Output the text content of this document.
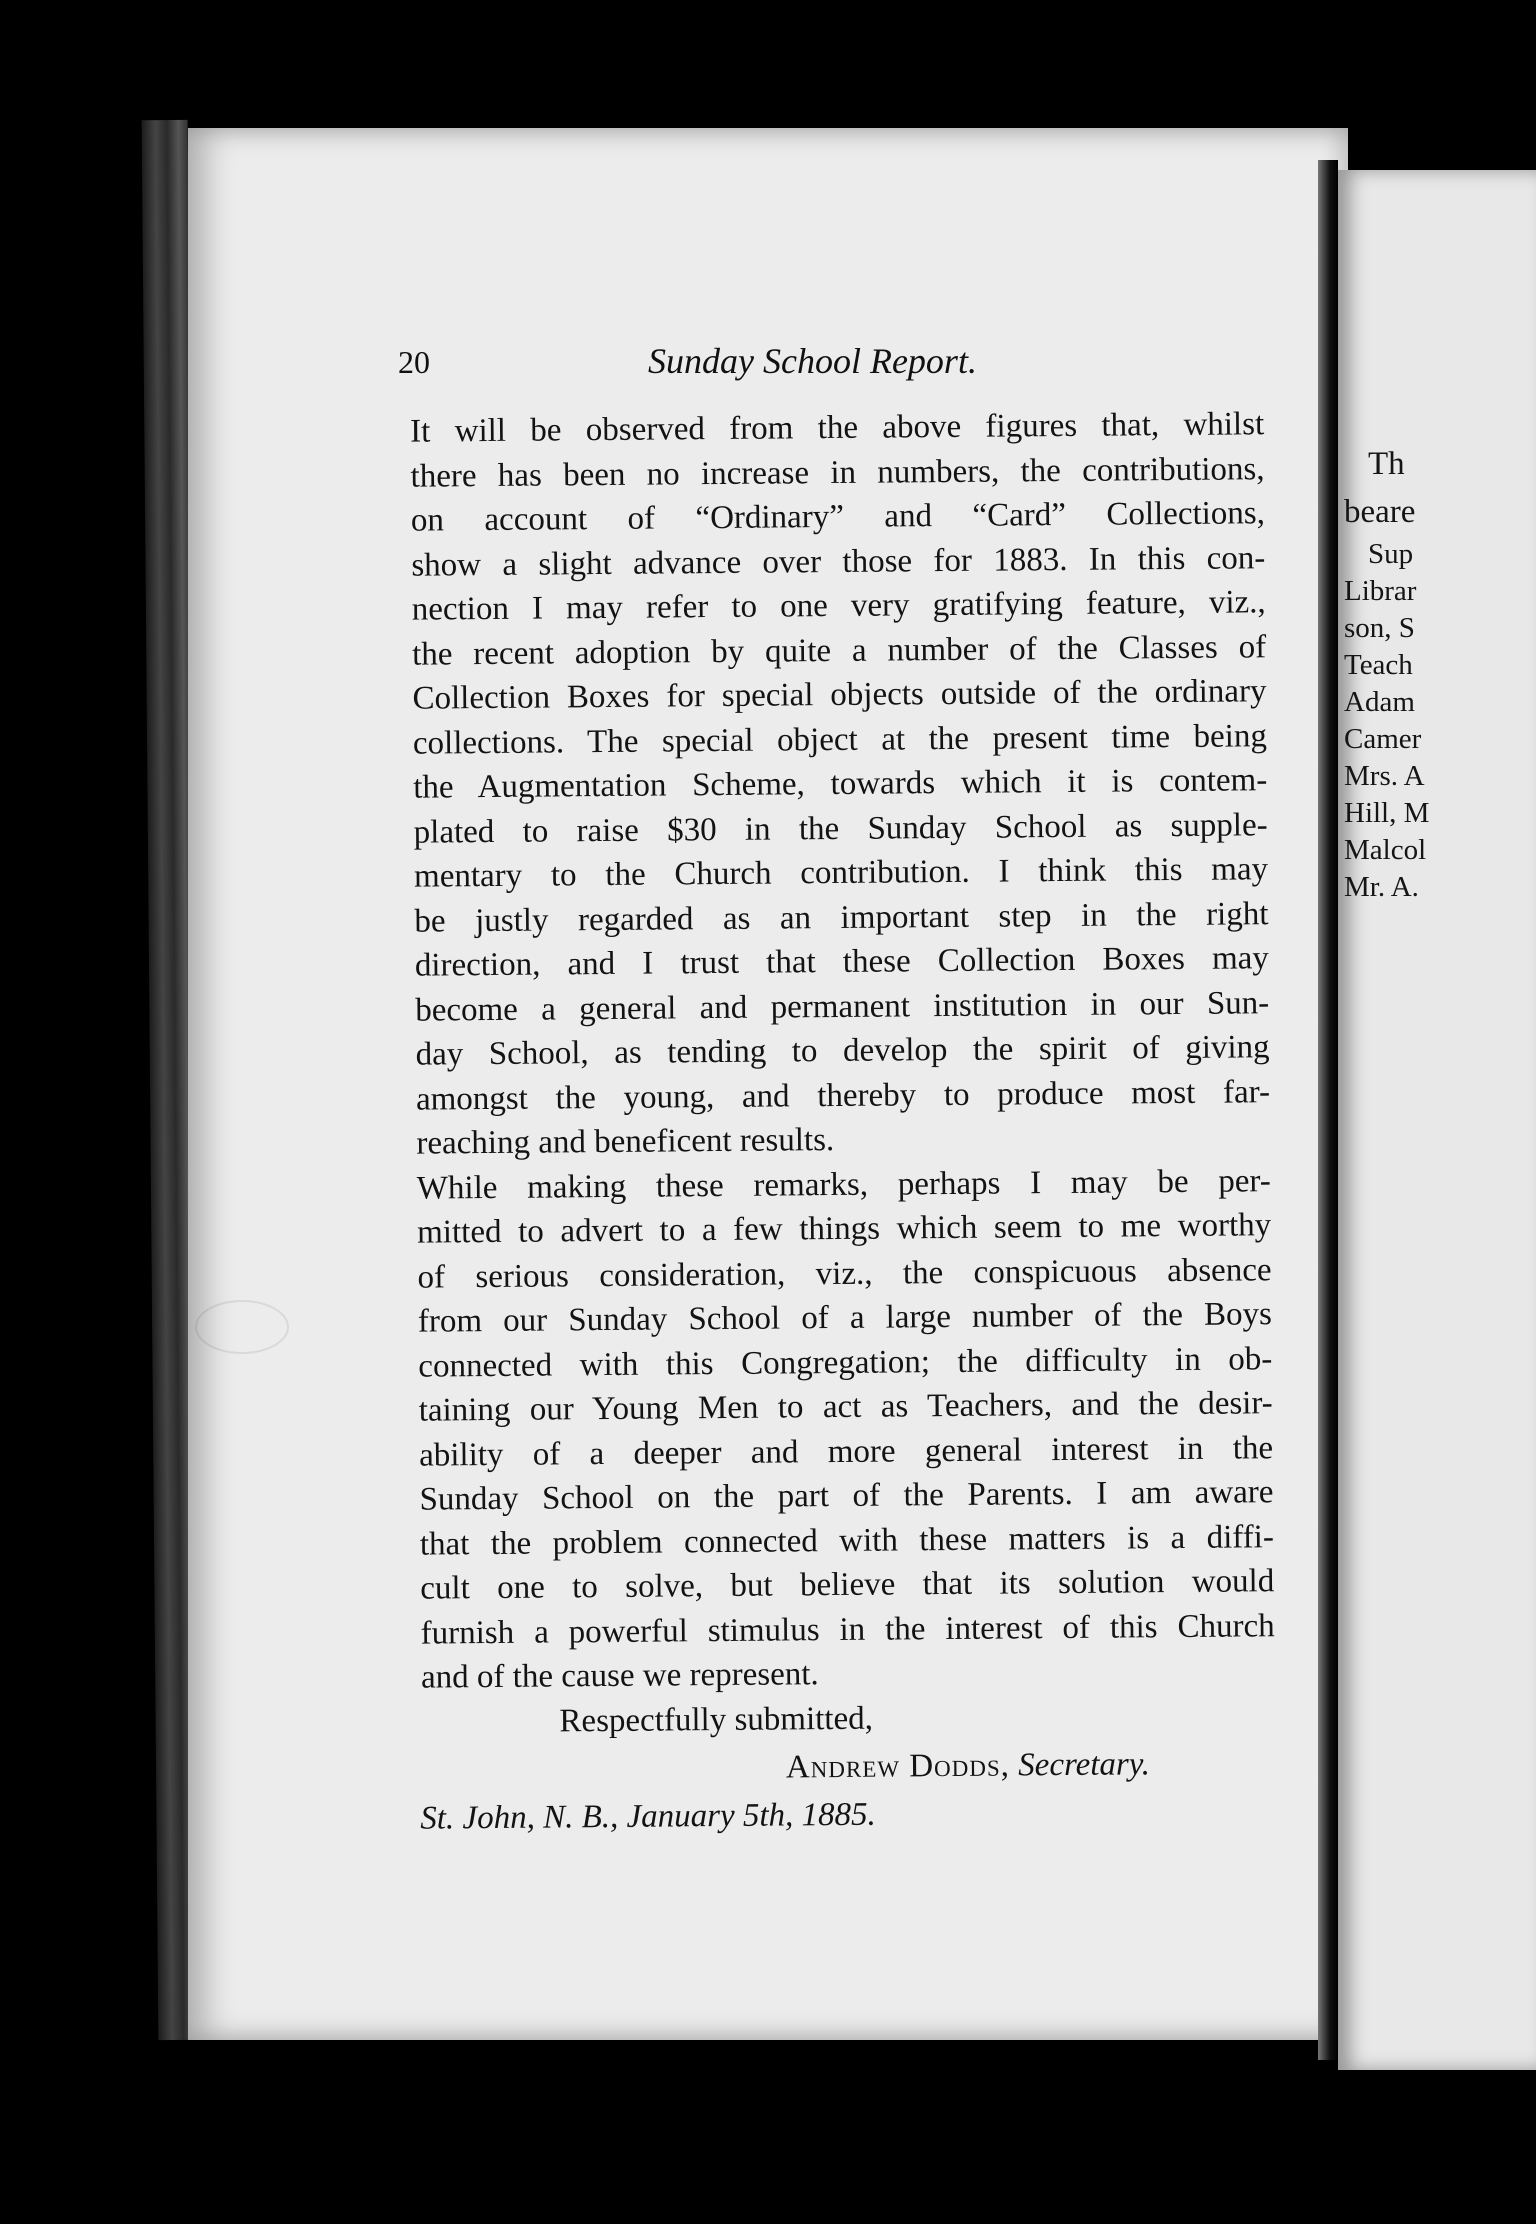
Th
beare
Sup
Librar
son, S
Teach
Adam
Camer
Mrs. A
Hill, M
Malcol
Mr. A.
20	Sunday School Report.

It will be observed from the above figures that, whilst
there has been no increase in numbers, the contributions,
on account of “Ordinary” and “Card” Collections,
show a slight advance over those for 1883. In this con-
nection I may refer to one very gratifying feature, viz.,
the recent adoption by quite a number of the Classes of
Collection Boxes for special objects outside of the ordinary
collections. The special object at the present time being
the Augmentation Scheme, towards which it is contem-
plated to raise $30 in the Sunday School as supple-
mentary to the Church contribution. I think this may
be justly regarded as an important step in the right
direction, and I trust that these Collection Boxes may
become a general and permanent institution in our Sun-
day School, as tending to develop the spirit of giving
amongst the young, and thereby to produce most far-
reaching and beneficent results.

While making these remarks, perhaps I may be per-
mitted to advert to a few things which seem to me worthy
of serious consideration, viz., the conspicuous absence
from our Sunday School of a large number of the Boys
connected with this Congregation; the difficulty in ob-
taining our Young Men to act as Teachers, and the desir-
ability of a deeper and more general interest in the
Sunday School on the part of the Parents. I am aware
that the problem connected with these matters is a diffi-
cult one to solve, but believe that its solution would
furnish a powerful stimulus in the interest of this Church
and of the cause we represent.

Respectfully submitted,
Andrew Dodds, Secretary.
St. John, N. B., January 5th, 1885.
